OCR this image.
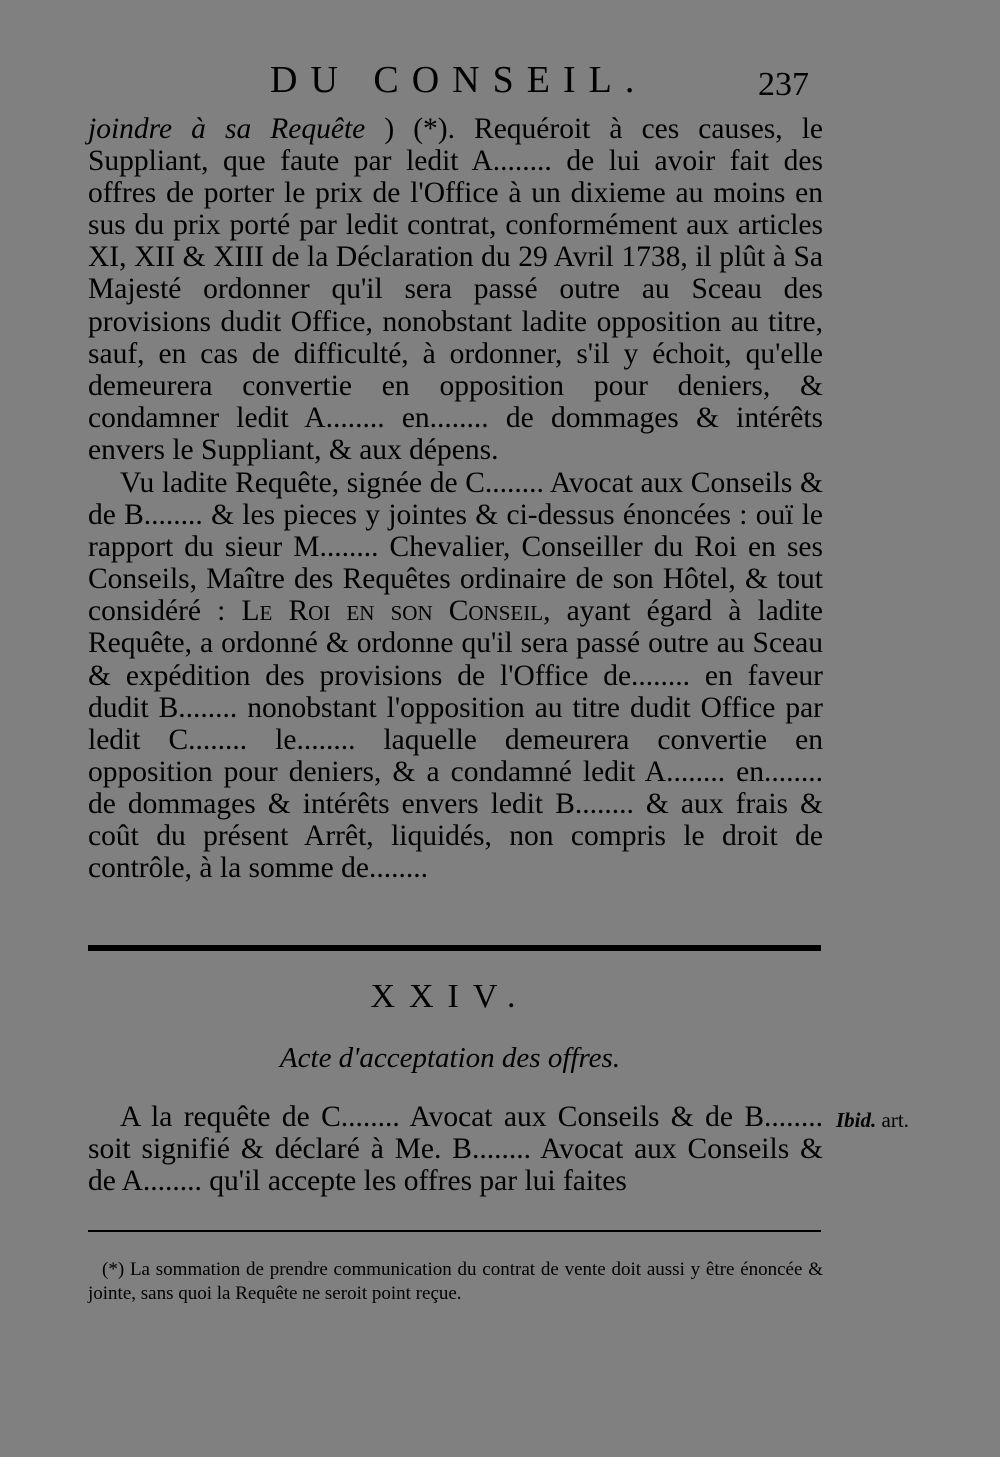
DU CONSEIL.	237

joindre à sa Requête ) (*). Requéroit à ces causes, le Suppliant, que faute par ledit A........ de lui avoir fait des offres de porter le prix de l'Office à un dixieme au moins en sus du prix porté par ledit contrat, conformément aux articles XI, XII & XIII de la Déclaration du 29 Avril 1738, il plût à Sa Majesté ordonner qu'il sera passé outre au Sceau des provisions dudit Office, nonobstant ladite opposition au titre, sauf, en cas de difficulté, à ordonner, s'il y échoit, qu'elle demeurera convertie en opposition pour deniers, & condamner ledit A........ en........ de dommages & intérêts envers le Suppliant, & aux dépens.

Vu ladite Requête, signée de C........ Avocat aux Conseils & de B........ & les pieces y jointes & ci-dessus énoncées : ouï le rapport du sieur M........ Chevalier, Conseiller du Roi en ses Conseils, Maître des Requêtes ordinaire de son Hôtel, & tout considéré : Le Roi en son Conseil, ayant égard à ladite Requête, a ordonné & ordonne qu'il sera passé outre au Sceau & expédition des provisions de l'Office de........ en faveur dudit B........ nonobstant l'opposition au titre dudit Office par ledit C........ le........ laquelle demeurera convertie en opposition pour deniers, & a condamné ledit A........ en........ de dommages & intérêts envers ledit B........ & aux frais & coût du présent Arrêt, liquidés, non compris le droit de contrôle, à la somme de........

XXIV.
Acte d'acceptation des offres.

A la requête de C........ Avocat aux Conseils & de B........ soit signifié & déclaré à Me. B........ Avocat aux Conseils & de A........ qu'il accepte les offres par lui faites

Ibid. art.

(*) La sommation de prendre communication du contrat de vente doit aussi y être énoncée & jointe, sans quoi la Requête ne seroit point reçue.
